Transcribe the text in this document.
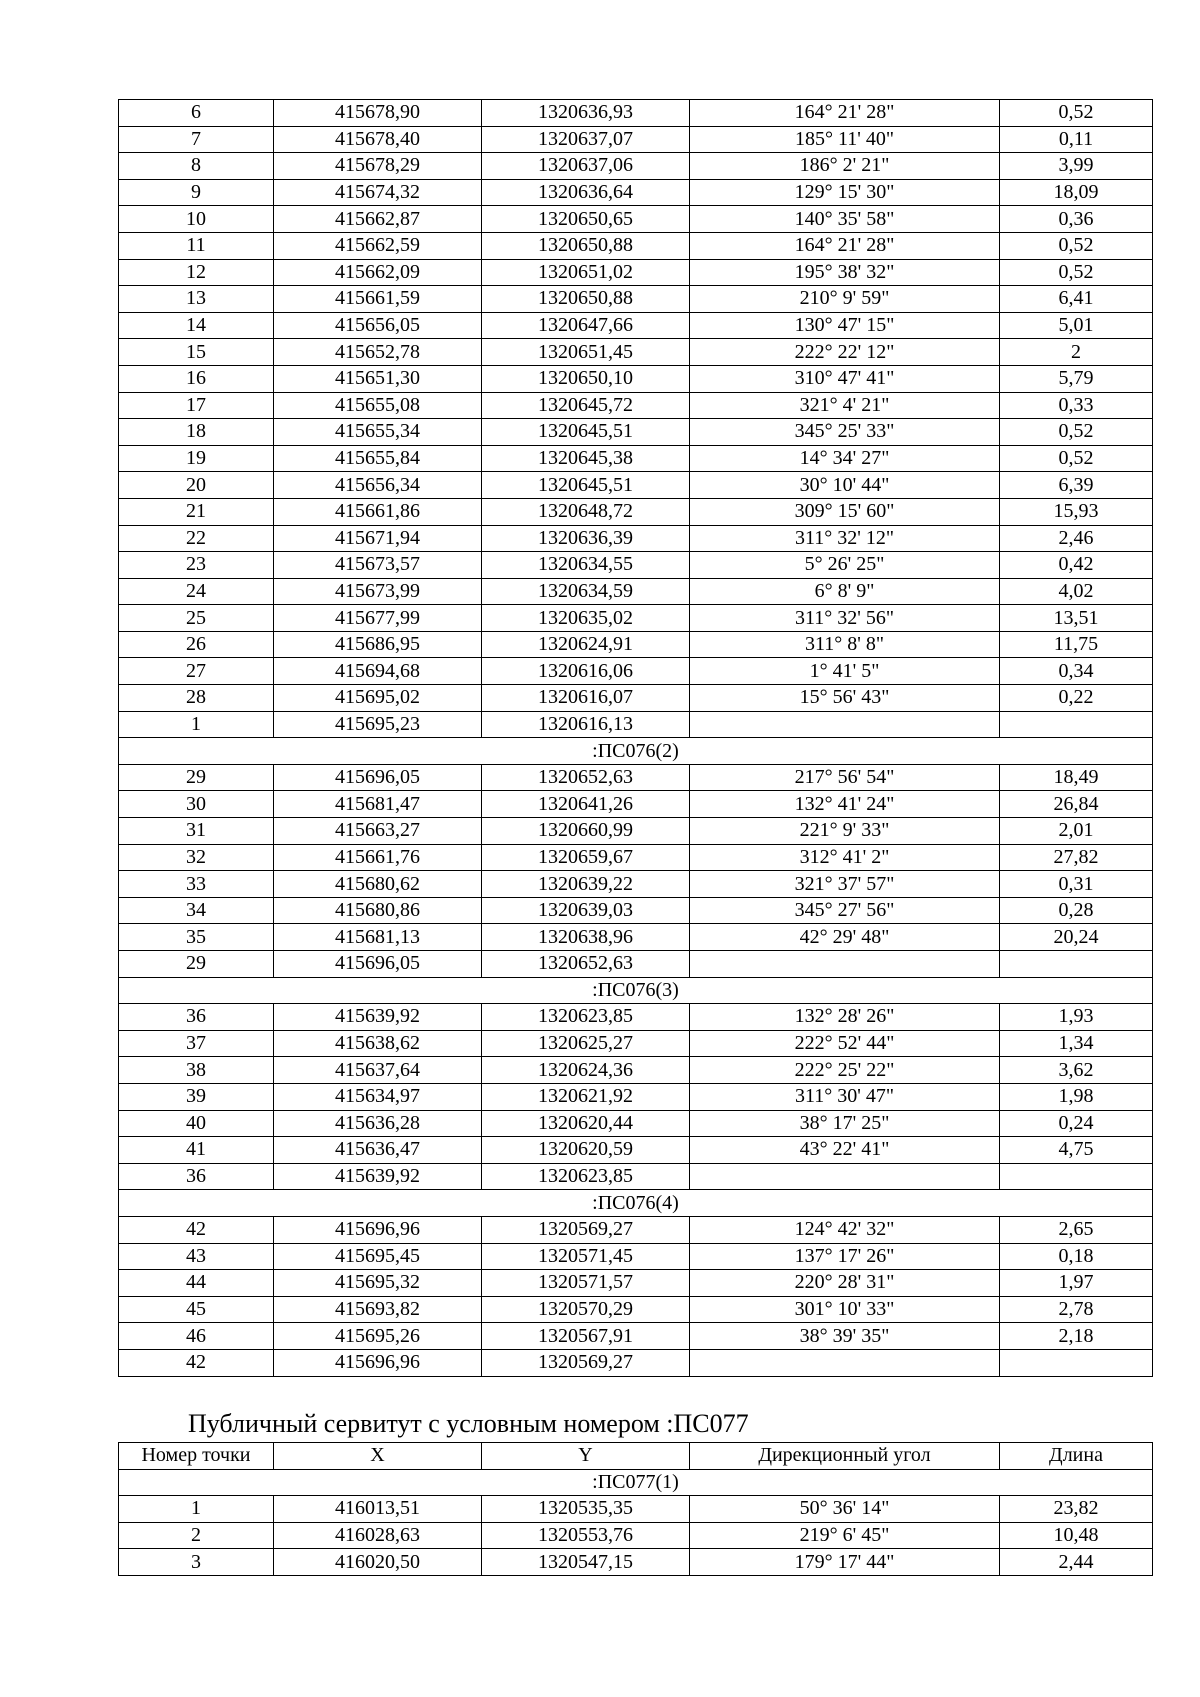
6	415678,90	1320636,93	164° 21' 28"	0,52
7	415678,40	1320637,07	185° 11' 40"	0,11
8	415678,29	1320637,06	186° 2' 21"	3,99
9	415674,32	1320636,64	129° 15' 30"	18,09
10	415662,87	1320650,65	140° 35' 58"	0,36
11	415662,59	1320650,88	164° 21' 28"	0,52
12	415662,09	1320651,02	195° 38' 32"	0,52
13	415661,59	1320650,88	210° 9' 59"	6,41
14	415656,05	1320647,66	130° 47' 15"	5,01
15	415652,78	1320651,45	222° 22' 12"	2
16	415651,30	1320650,10	310° 47' 41"	5,79
17	415655,08	1320645,72	321° 4' 21"	0,33
18	415655,34	1320645,51	345° 25' 33"	0,52
19	415655,84	1320645,38	14° 34' 27"	0,52
20	415656,34	1320645,51	30° 10' 44"	6,39
21	415661,86	1320648,72	309° 15' 60"	15,93
22	415671,94	1320636,39	311° 32' 12"	2,46
23	415673,57	1320634,55	5° 26' 25"	0,42
24	415673,99	1320634,59	6° 8' 9"	4,02
25	415677,99	1320635,02	311° 32' 56"	13,51
26	415686,95	1320624,91	311° 8' 8"	11,75
27	415694,68	1320616,06	1° 41' 5"	0,34
28	415695,02	1320616,07	15° 56' 43"	0,22
1	415695,23	1320616,13		
:ПС076(2)				
29	415696,05	1320652,63	217° 56' 54"	18,49
30	415681,47	1320641,26	132° 41' 24"	26,84
31	415663,27	1320660,99	221° 9' 33"	2,01
32	415661,76	1320659,67	312° 41' 2"	27,82
33	415680,62	1320639,22	321° 37' 57"	0,31
34	415680,86	1320639,03	345° 27' 56"	0,28
35	415681,13	1320638,96	42° 29' 48"	20,24
29	415696,05	1320652,63		
:ПС076(3)				
36	415639,92	1320623,85	132° 28' 26"	1,93
37	415638,62	1320625,27	222° 52' 44"	1,34
38	415637,64	1320624,36	222° 25' 22"	3,62
39	415634,97	1320621,92	311° 30' 47"	1,98
40	415636,28	1320620,44	38° 17' 25"	0,24
41	415636,47	1320620,59	43° 22' 41"	4,75
36	415639,92	1320623,85		
:ПС076(4)				
42	415696,96	1320569,27	124° 42' 32"	2,65
43	415695,45	1320571,45	137° 17' 26"	0,18
44	415695,32	1320571,57	220° 28' 31"	1,97
45	415693,82	1320570,29	301° 10' 33"	2,78
46	415695,26	1320567,91	38° 39' 35"	2,18
42	415696,96	1320569,27		
Публичный сервитут с условным номером :ПС077
Номер точки	X	Y	Дирекционный угол	Длина
:ПС077(1)				
1	416013,51	1320535,35	50° 36' 14"	23,82
2	416028,63	1320553,76	219° 6' 45"	10,48
3	416020,50	1320547,15	179° 17' 44"	2,44
